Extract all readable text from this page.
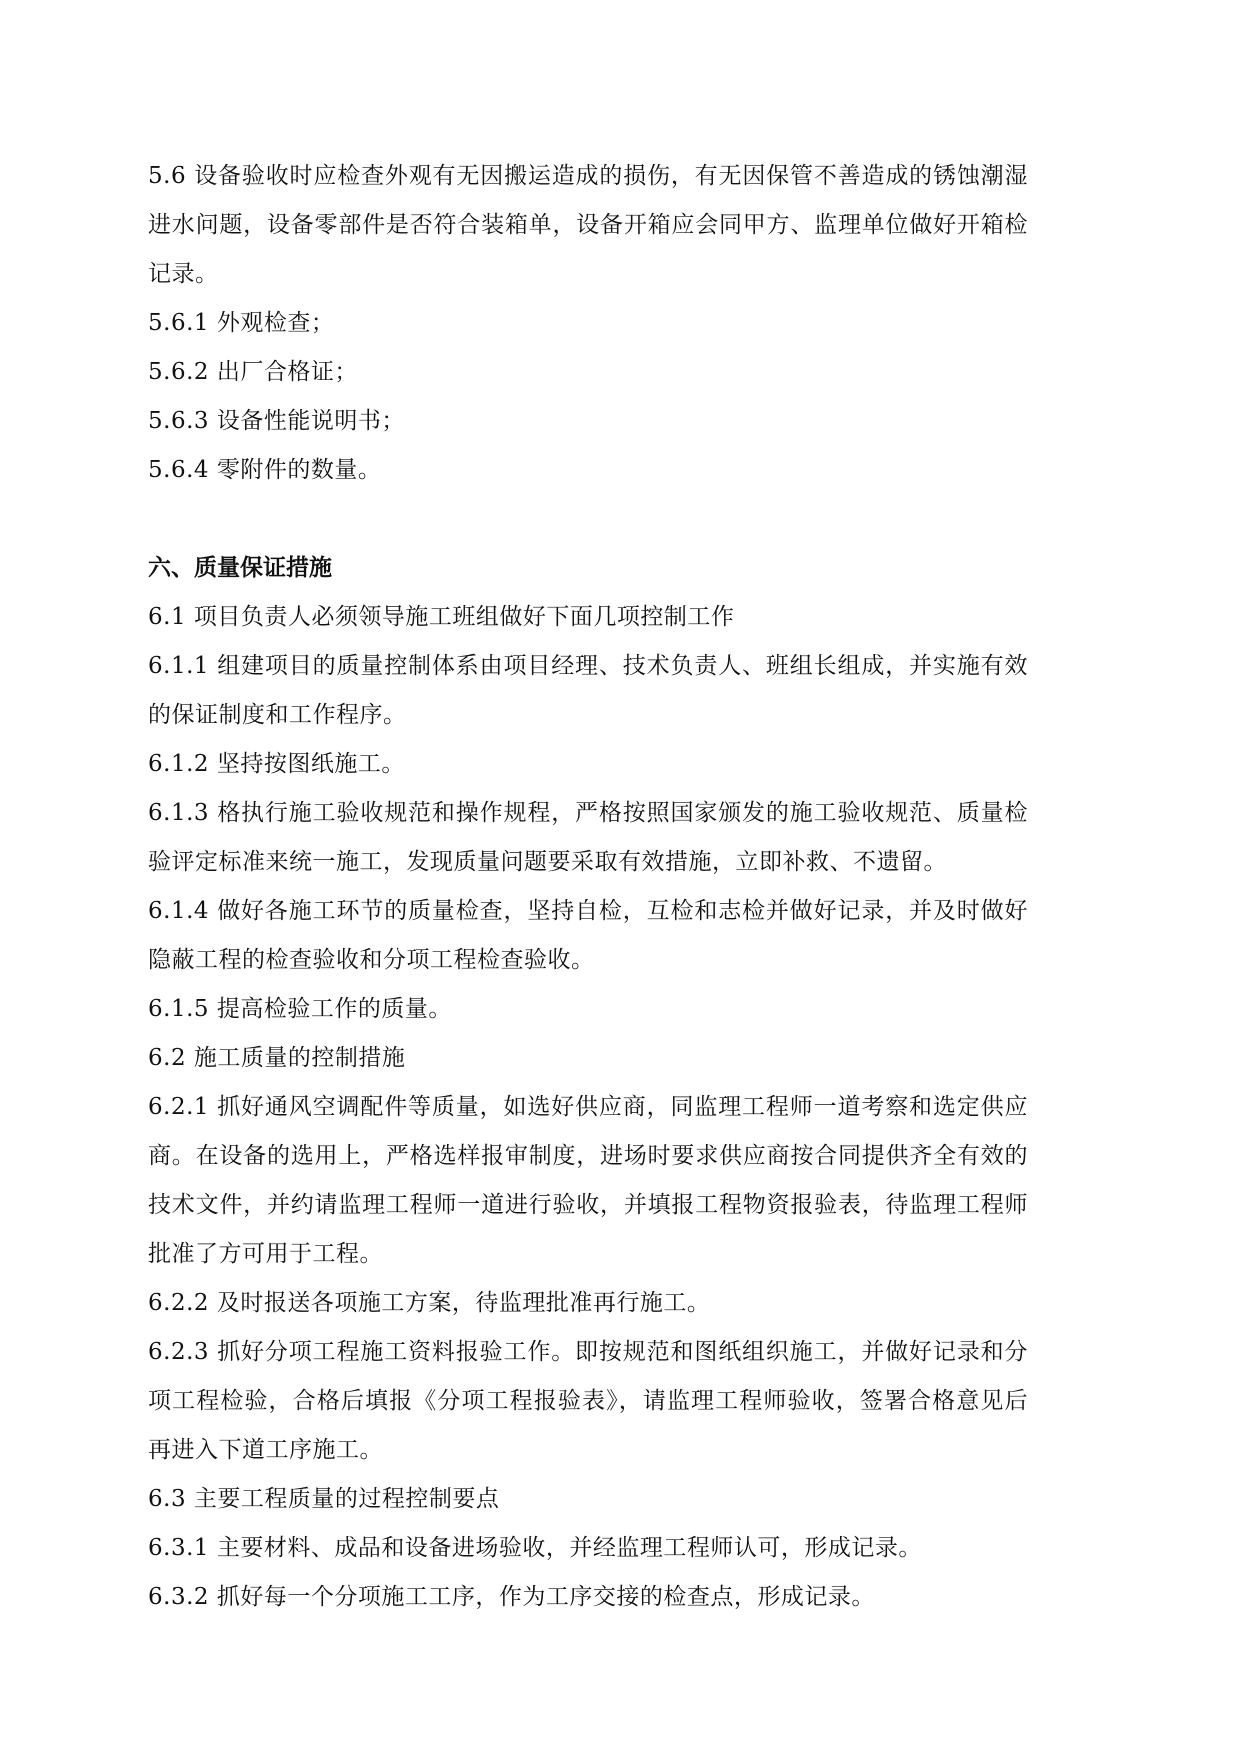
5.6 设备验收时应检查外观有无因搬运造成的损伤，有无因保管不善造成的锈蚀潮湿进水问题，设备零部件是否符合装箱单，设备开箱应会同甲方、监理单位做好开箱检记录。

5.6.1 外观检查；

5.6.2 出厂合格证；

5.6.3 设备性能说明书；

5.6.4 零附件的数量。

六、质量保证措施

6.1 项目负责人必须领导施工班组做好下面几项控制工作

6.1.1 组建项目的质量控制体系由项目经理、技术负责人、班组长组成，并实施有效的保证制度和工作程序。

6.1.2 坚持按图纸施工。

6.1.3 格执行施工验收规范和操作规程，严格按照国家颁发的施工验收规范、质量检验评定标准来统一施工，发现质量问题要采取有效措施，立即补救、不遗留。

6.1.4 做好各施工环节的质量检查，坚持自检，互检和志检并做好记录，并及时做好隐蔽工程的检查验收和分项工程检查验收。

6.1.5 提高检验工作的质量。

6.2 施工质量的控制措施

6.2.1 抓好通风空调配件等质量，如选好供应商，同监理工程师一道考察和选定供应商。在设备的选用上，严格选样报审制度，进场时要求供应商按合同提供齐全有效的技术文件，并约请监理工程师一道进行验收，并填报工程物资报验表，待监理工程师批准了方可用于工程。

6.2.2 及时报送各项施工方案，待监理批准再行施工。

6.2.3 抓好分项工程施工资料报验工作。即按规范和图纸组织施工，并做好记录和分项工程检验，合格后填报《分项工程报验表》，请监理工程师验收，签署合格意见后再进入下道工序施工。

6.3 主要工程质量的过程控制要点

6.3.1 主要材料、成品和设备进场验收，并经监理工程师认可，形成记录。

6.3.2 抓好每一个分项施工工序，作为工序交接的检查点，形成记录。
